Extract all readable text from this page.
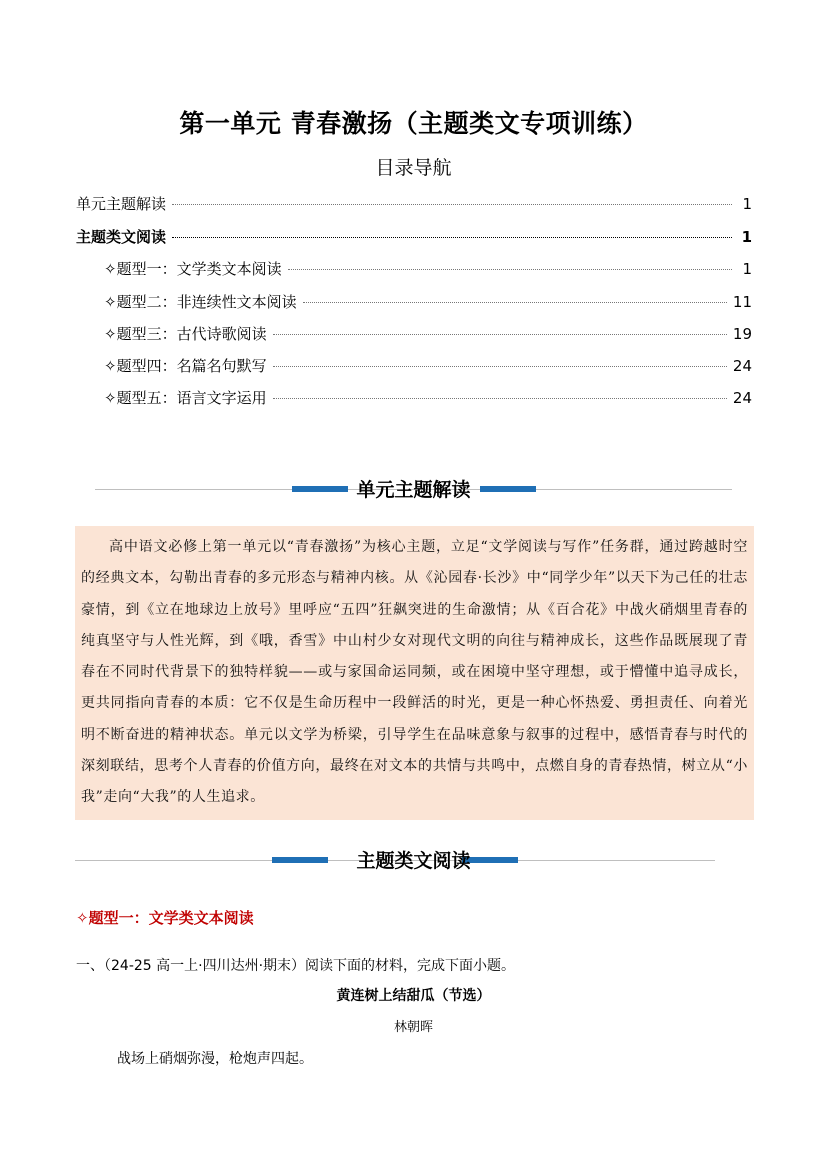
第一单元 青春激扬（主题类文专项训练）
目录导航
单元主题解读	1
主题类文阅读	1
✧题型一：文学类文本阅读	1
✧题型二：非连续性文本阅读	11
✧题型三：古代诗歌阅读	19
✧题型四：名篇名句默写	24
✧题型五：语言文字运用	24
单元主题解读

高中语文必修上第一单元以“青春激扬”为核心主题，立足“文学阅读与写作”任务群，通过跨越时空的经典文本，勾勒出青春的多元形态与精神内核。从《沁园春·长沙》中“同学少年”以天下为己任的壮志豪情，到《立在地球边上放号》里呼应“五四”狂飙突进的生命激情；从《百合花》中战火硝烟里青春的纯真坚守与人性光辉，到《哦，香雪》中山村少女对现代文明的向往与精神成长，这些作品既展现了青春在不同时代背景下的独特样貌——或与家国命运同频，或在困境中坚守理想，或于懵懂中追寻成长，更共同指向青春的本质：它不仅是生命历程中一段鲜活的时光，更是一种心怀热爱、勇担责任、向着光明不断奋进的精神状态。单元以文学为桥梁，引导学生在品味意象与叙事的过程中，感悟青春与时代的深刻联结，思考个人青春的价值方向，最终在对文本的共情与共鸣中，点燃自身的青春热情，树立从“小我”走向“大我”的人生追求。

主题类文阅读
✧题型一：文学类文本阅读
一、（24-25 高一上·四川达州·期末）阅读下面的材料，完成下面小题。
黄连树上结甜瓜（节选）
林朝晖
战场上硝烟弥漫，枪炮声四起。
